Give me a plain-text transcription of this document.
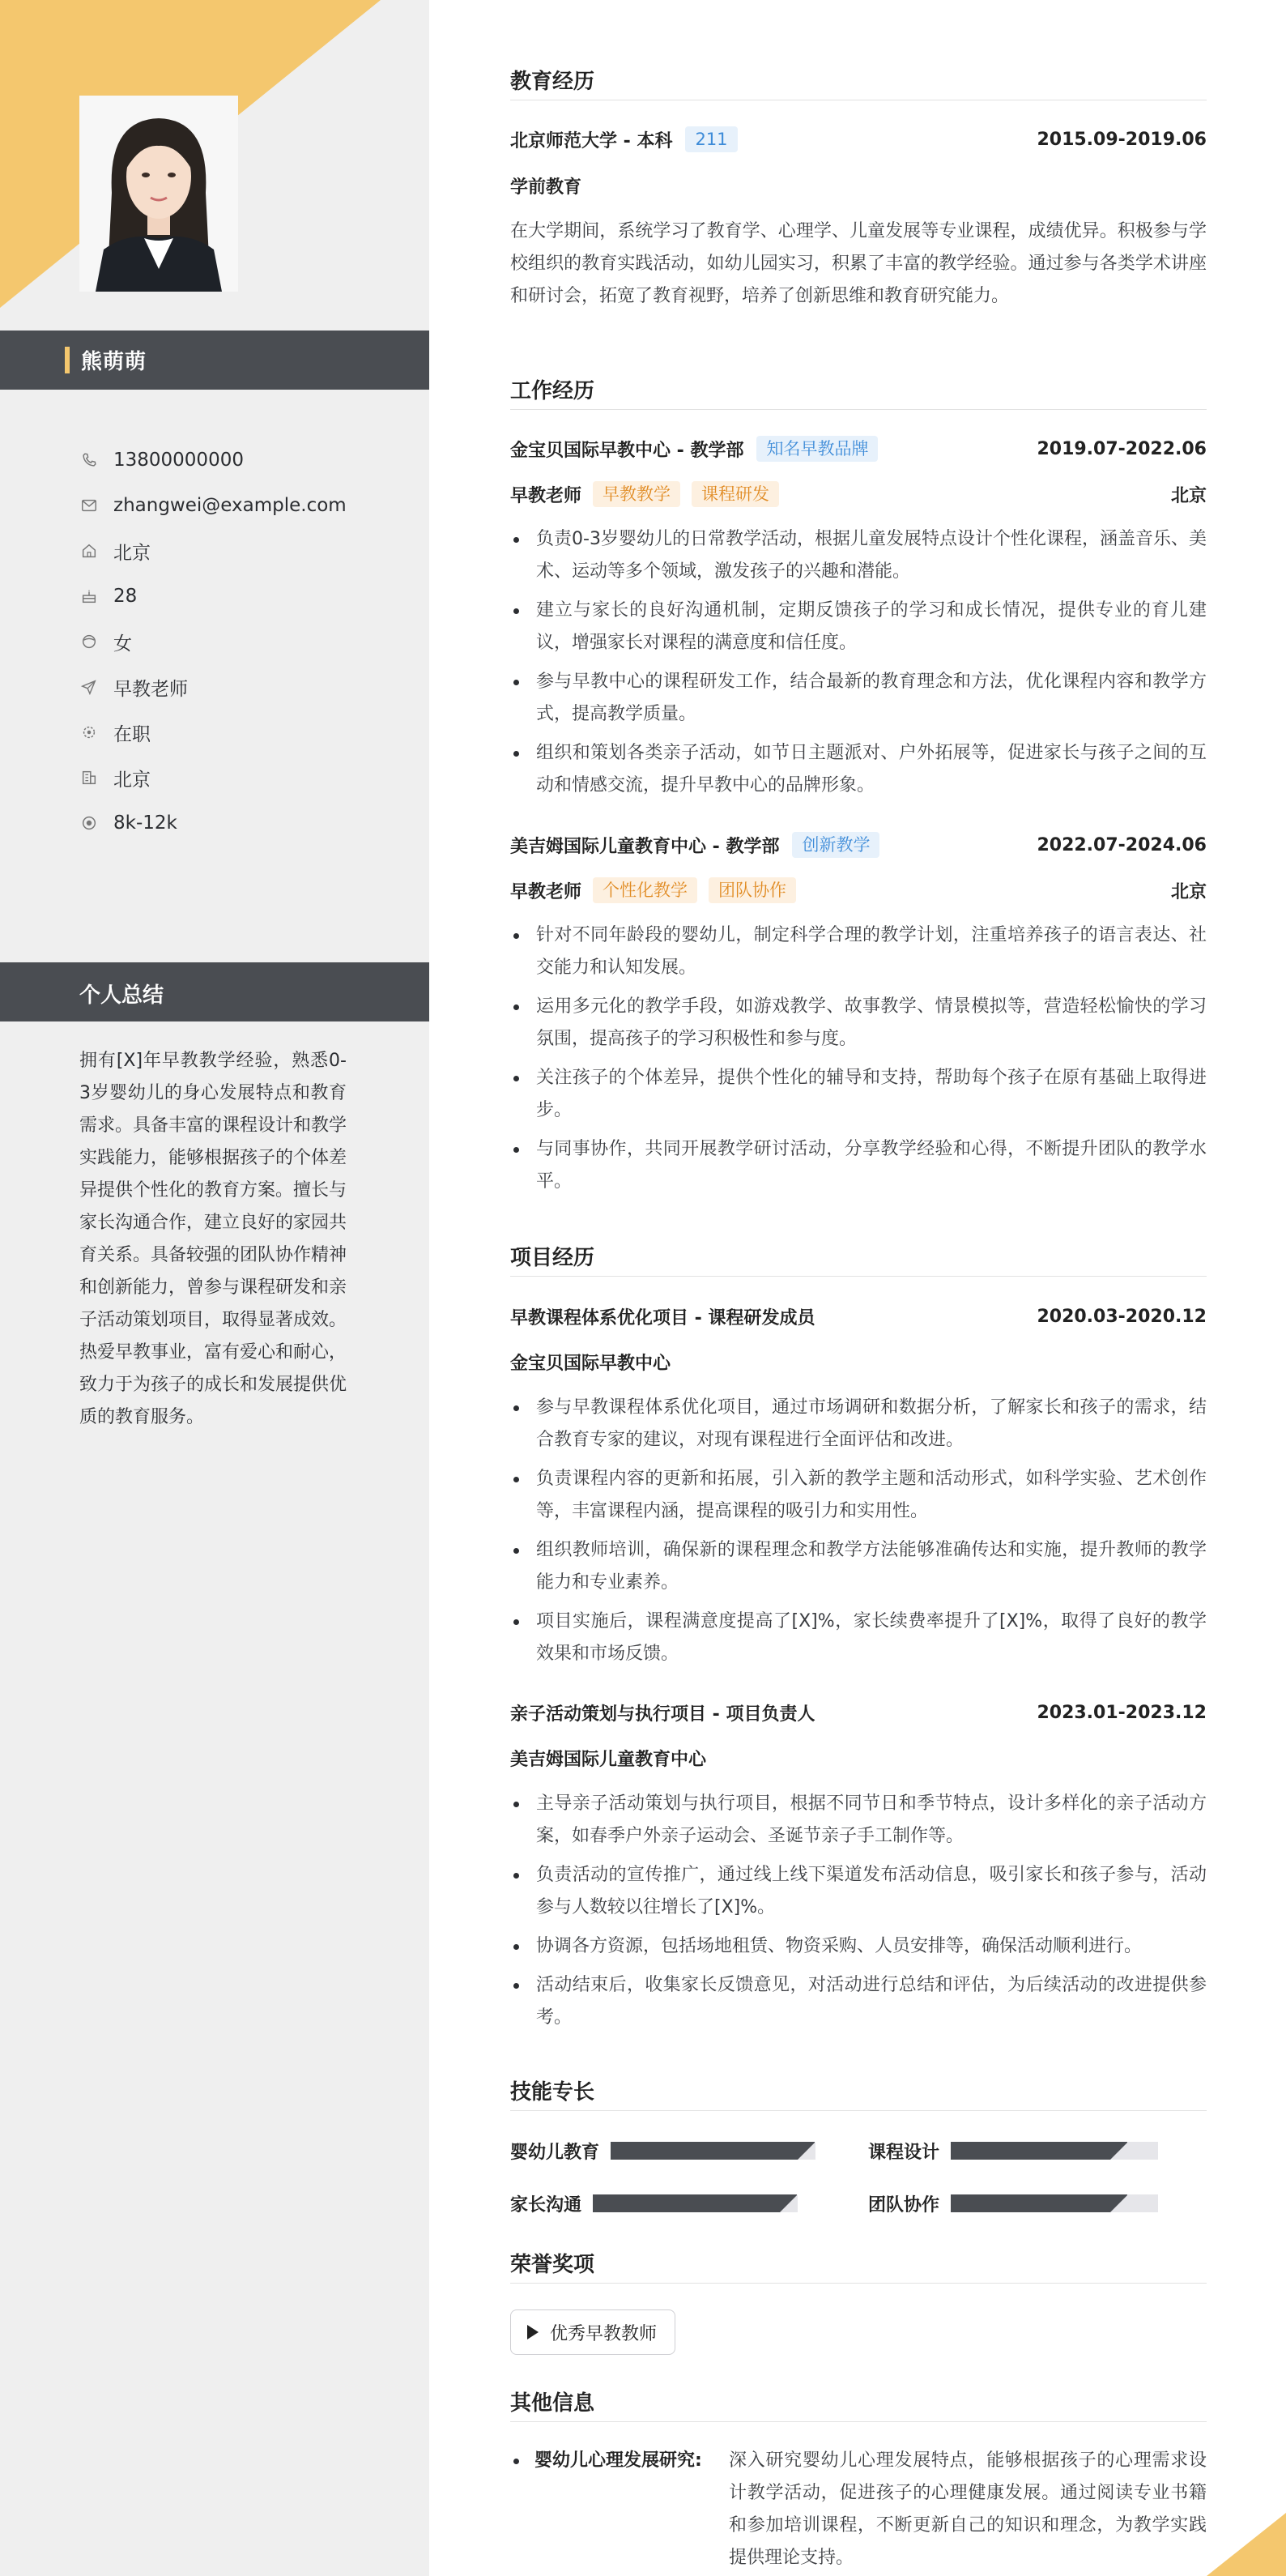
熊萌萌
13800000000
zhangwei@example.com
北京
28
女
早教老师
在职
北京
8k-12k
个人总结
拥有[X]年早教教学经验，熟悉0-3岁婴幼儿的身心发展特点和教育需求。具备丰富的课程设计和教学实践能力，能够根据孩子的个体差异提供个性化的教育方案。擅长与家长沟通合作，建立良好的家园共育关系。具备较强的团队协作精神和创新能力，曾参与课程研发和亲子活动策划项目，取得显著成效。热爱早教事业，富有爱心和耐心，致力于为孩子的成长和发展提供优质的教育服务。
教育经历
北京师范大学 - 本科	211	2015.09-2019.06
学前教育
在大学期间，系统学习了教育学、心理学、儿童发展等专业课程，成绩优异。积极参与学校组织的教育实践活动，如幼儿园实习，积累了丰富的教学经验。通过参与各类学术讲座和研讨会，拓宽了教育视野，培养了创新思维和教育研究能力。
工作经历
金宝贝国际早教中心 - 教学部	知名早教品牌	2019.07-2022.06
早教老师	早教教学	课程研发	北京
负责0-3岁婴幼儿的日常教学活动，根据儿童发展特点设计个性化课程，涵盖音乐、美术、运动等多个领域，激发孩子的兴趣和潜能。
建立与家长的良好沟通机制，定期反馈孩子的学习和成长情况，提供专业的育儿建议，增强家长对课程的满意度和信任度。
参与早教中心的课程研发工作，结合最新的教育理念和方法，优化课程内容和教学方式，提高教学质量。
组织和策划各类亲子活动，如节日主题派对、户外拓展等，促进家长与孩子之间的互动和情感交流，提升早教中心的品牌形象。
美吉姆国际儿童教育中心 - 教学部	创新教学	2022.07-2024.06
早教老师	个性化教学	团队协作	北京
针对不同年龄段的婴幼儿，制定科学合理的教学计划，注重培养孩子的语言表达、社交能力和认知发展。
运用多元化的教学手段，如游戏教学、故事教学、情景模拟等，营造轻松愉快的学习氛围，提高孩子的学习积极性和参与度。
关注孩子的个体差异，提供个性化的辅导和支持，帮助每个孩子在原有基础上取得进步。
与同事协作，共同开展教学研讨活动，分享教学经验和心得，不断提升团队的教学水平。
项目经历
早教课程体系优化项目 - 课程研发成员	2020.03-2020.12
金宝贝国际早教中心
参与早教课程体系优化项目，通过市场调研和数据分析，了解家长和孩子的需求，结合教育专家的建议，对现有课程进行全面评估和改进。
负责课程内容的更新和拓展，引入新的教学主题和活动形式，如科学实验、艺术创作等，丰富课程内涵，提高课程的吸引力和实用性。
组织教师培训，确保新的课程理念和教学方法能够准确传达和实施，提升教师的教学能力和专业素养。
项目实施后，课程满意度提高了[X]%，家长续费率提升了[X]%，取得了良好的教学效果和市场反馈。
亲子活动策划与执行项目 - 项目负责人	2023.01-2023.12
美吉姆国际儿童教育中心
主导亲子活动策划与执行项目，根据不同节日和季节特点，设计多样化的亲子活动方案，如春季户外亲子运动会、圣诞节亲子手工制作等。
负责活动的宣传推广，通过线上线下渠道发布活动信息，吸引家长和孩子参与，活动参与人数较以往增长了[X]%。
协调各方资源，包括场地租赁、物资采购、人员安排等，确保活动顺利进行。
活动结束后，收集家长反馈意见，对活动进行总结和评估，为后续活动的改进提供参考。
技能专长
婴幼儿教育	课程设计
家长沟通	团队协作
荣誉奖项
优秀早教教师
其他信息
婴幼儿心理发展研究: 深入研究婴幼儿心理发展特点，能够根据孩子的心理需求设计教学活动，促进孩子的心理健康发展。通过阅读专业书籍和参加培训课程，不断更新自己的知识和理念，为教学实践提供理论支持。
